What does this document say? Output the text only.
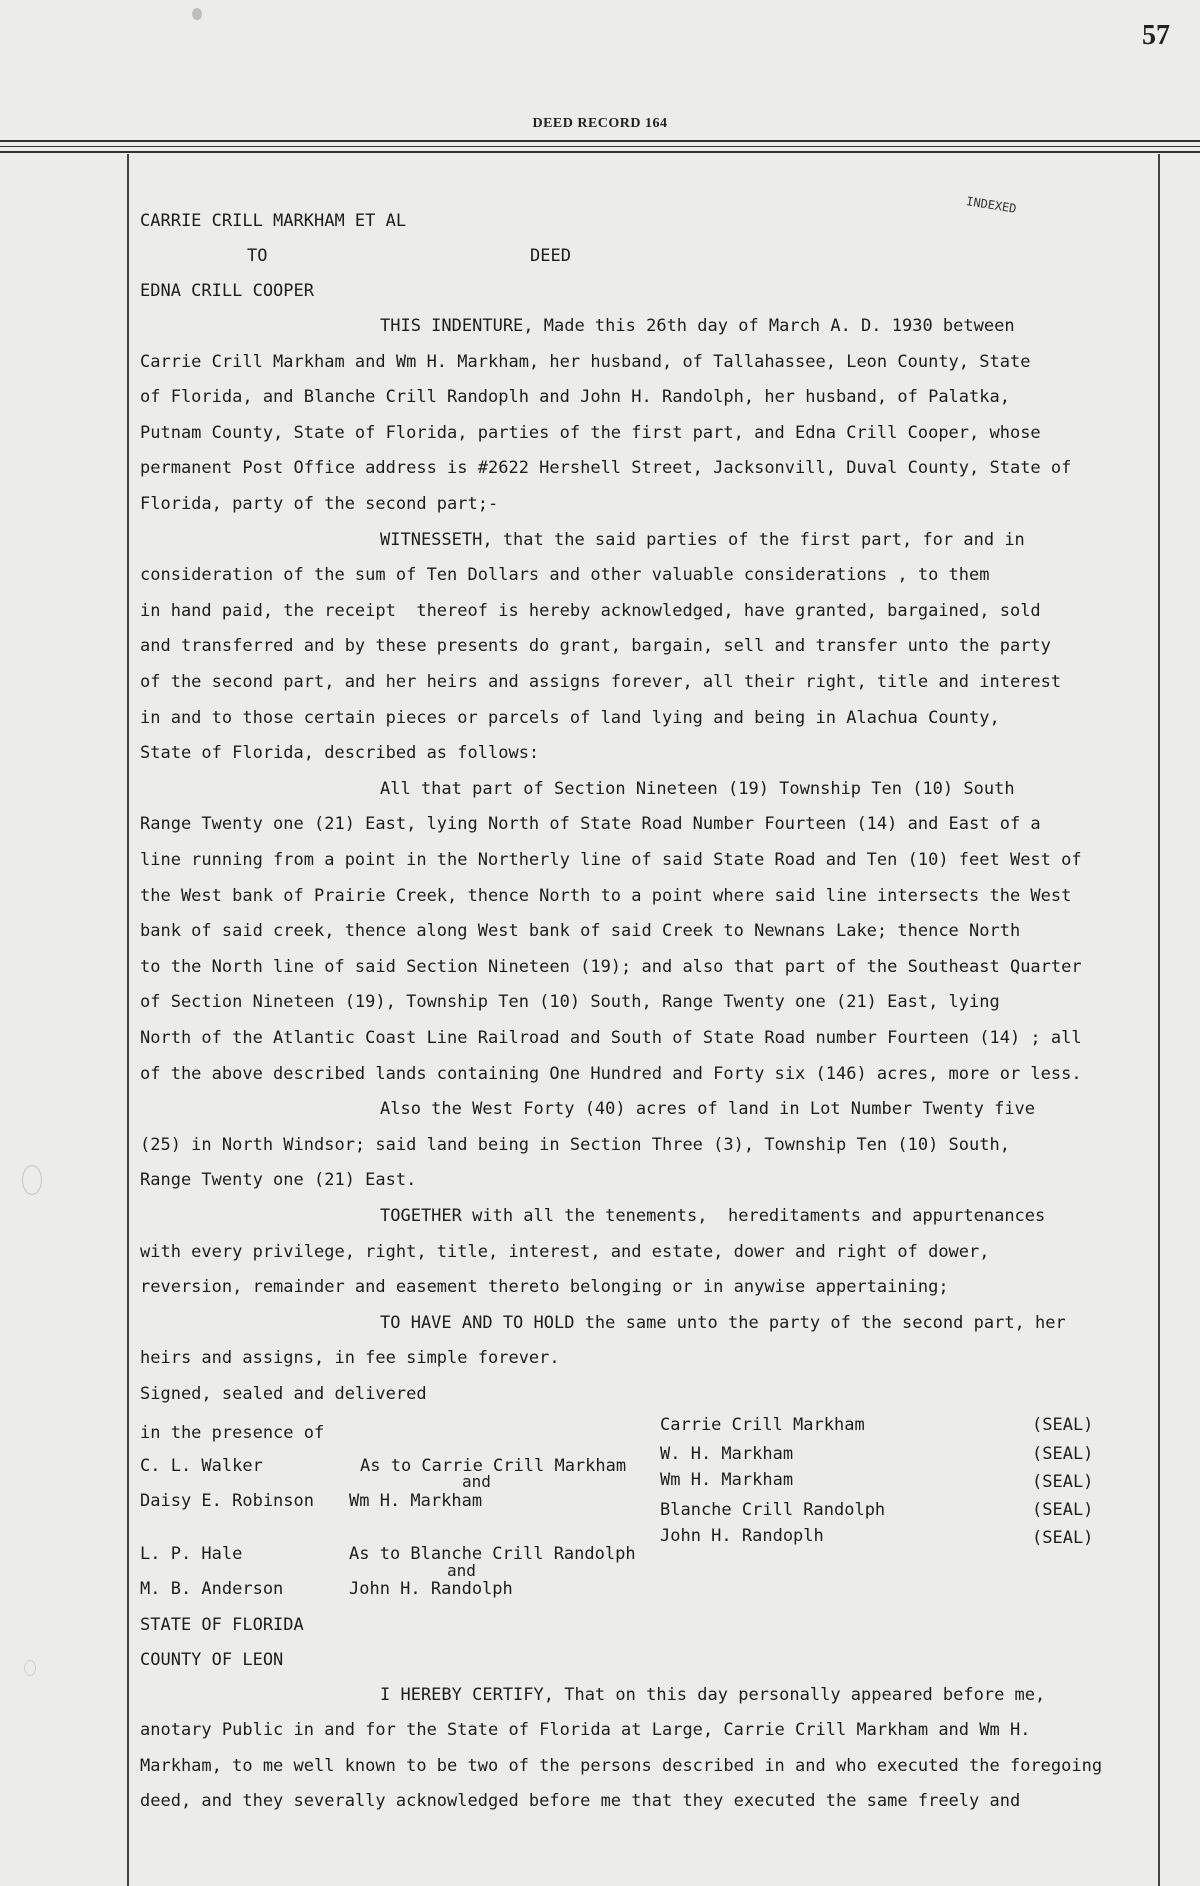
57
DEED RECORD 164
INDEXED
CARRIE CRILL MARKHAM ET AL
TO	DEED
EDNA CRILL COOPER
THIS INDENTURE, Made this 26th day of March A. D. 1930 between
Carrie Crill Markham and Wm H. Markham, her husband, of Tallahassee, Leon County, State
of Florida, and Blanche Crill Randoplh and John H. Randolph, her husband, of Palatka,
Putnam County, State of Florida, parties of the first part, and Edna Crill Cooper, whose
permanent Post Office address is #2622 Hershell Street, Jacksonvill, Duval County, State of
Florida, party of the second part;-
WITNESSETH, that the said parties of the first part, for and in
consideration of the sum of Ten Dollars and other valuable considerations , to them
in hand paid, the receipt  thereof is hereby acknowledged, have granted, bargained, sold
and transferred and by these presents do grant, bargain, sell and transfer unto the party
of the second part, and her heirs and assigns forever, all their right, title and interest
in and to those certain pieces or parcels of land lying and being in Alachua County,
State of Florida, described as follows:
All that part of Section Nineteen (19) Township Ten (10) South
Range Twenty one (21) East, lying North of State Road Number Fourteen (14) and East of a
line running from a point in the Northerly line of said State Road and Ten (10) feet West of
the West bank of Prairie Creek, thence North to a point where said line intersects the West
bank of said creek, thence along West bank of said Creek to Newnans Lake; thence North
to the North line of said Section Nineteen (19); and also that part of the Southeast Quarter
of Section Nineteen (19), Township Ten (10) South, Range Twenty one (21) East, lying
North of the Atlantic Coast Line Railroad and South of State Road number Fourteen (14) ; all
of the above described lands containing One Hundred and Forty six (146) acres, more or less.
Also the West Forty (40) acres of land in Lot Number Twenty five
(25) in North Windsor; said land being in Section Three (3), Township Ten (10) South,
Range Twenty one (21) East.
TOGETHER with all the tenements,  hereditaments and appurtenances
with every privilege, right, title, interest, and estate, dower and right of dower,
reversion, remainder and easement thereto belonging or in anywise appertaining;
TO HAVE AND TO HOLD the same unto the party of the second part, her
heirs and assigns, in fee simple forever.
Signed, sealed and delivered
in the presence of
C. L. Walker	As to Carrie Crill Markham
and
Daisy E. Robinson Wm H. Markham
L. P. Hale	As to Blanche Crill Randolph
and
M. B. Anderson	John H. Randolph
Carrie Crill Markham	(SEAL)
W. H. Markham	(SEAL)
Wm H. Markham	(SEAL)
Blanche Crill Randolph	(SEAL)
John H. Randoplh	(SEAL)
STATE OF FLORIDA
COUNTY OF LEON
I HEREBY CERTIFY, That on this day personally appeared before me,
anotary Public in and for the State of Florida at Large, Carrie Crill Markham and Wm H.
Markham, to me well known to be two of the persons described in and who executed the foregoing
deed, and they severally acknowledged before me that they executed the same freely and
